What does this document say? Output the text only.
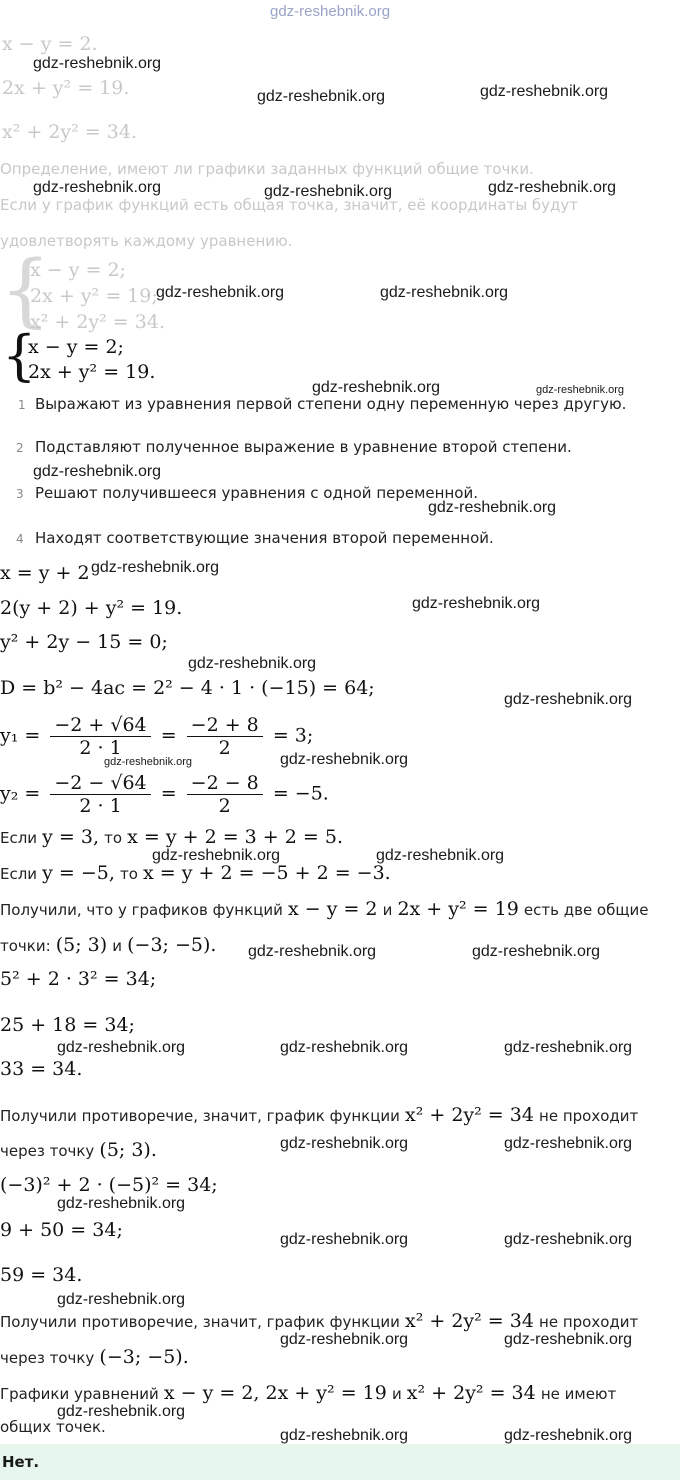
gdz-reshebnik.org
x − y = 2.
2x + y² = 19.
x² + 2y² = 34.
Определение, имеют ли графики заданных функций общие точки.
Если у график функций есть общая точка, значит, её координаты будут
удовлетворять каждому уравнению.
{
x − y = 2;
2x + y² = 19;
x² + 2y² = 34.
{
x − y = 2;
2x + y² = 19.
1 Выражают из уравнения первой степени одну переменную через другую.
2 Подставляют полученное выражение в уравнение второй степени.
3 Решают получившееся уравнения с одной переменной.
4 Находят соответствующие значения второй переменной.
x = y + 2
2(y + 2) + y² = 19.
y² + 2y − 15 = 0;
D = b² − 4ac = 2² − 4 · 1 · (−15) = 64;
$y_1 = \frac{-2 + √64}{2 \cdot 1} = \frac{-2 + 8}{2} = 3$;
$y_2 = \frac{-2 - √64}{2 \cdot 1} = \frac{-2 - 8}{2} = -5$.
Если y = 3, то x = y + 2 = 3 + 2 = 5.
Если y = −5, то x = y + 2 = −5 + 2 = −3.
Получили, что у графиков функций x − y = 2 и 2x + y² = 19 есть две общие
точки: (5; 3) и (−3; −5).
5² + 2 · 3² = 34;
25 + 18 = 34;
33 = 34.
Получили противоречие, значит, график функции x² + 2y² = 34 не проходит
через точку (5; 3).
(−3)² + 2 · (−5)² = 34;
9 + 50 = 34;
59 = 34.
Получили противоречие, значит, график функции x² + 2y² = 34 не проходит
через точку (−3; −5).
Графики уравнений x − y = 2, 2x + y² = 19 и x² + 2y² = 34 не имеют
общих точек.
Нет.
gdz-reshebnik.org
gdz-reshebnik.org	gdz-reshebnik.org
gdz-reshebnik.org	gdz-reshebnik.org	gdz-reshebnik.org
gdz-reshebnik.org	gdz-reshebnik.org
gdz-reshebnik.org	gdz-reshebnik.org
gdz-reshebnik.org
gdz-reshebnik.org
gdz-reshebnik.org
gdz-reshebnik.org
gdz-reshebnik.org
gdz-reshebnik.org
gdz-reshebnik.org	gdz-reshebnik.org
gdz-reshebnik.org	gdz-reshebnik.org
gdz-reshebnik.org	gdz-reshebnik.org
gdz-reshebnik.org	gdz-reshebnik.org	gdz-reshebnik.org
gdz-reshebnik.org	gdz-reshebnik.org
gdz-reshebnik.org
gdz-reshebnik.org	gdz-reshebnik.org
gdz-reshebnik.org
gdz-reshebnik.org	gdz-reshebnik.org
gdz-reshebnik.org
gdz-reshebnik.org	gdz-reshebnik.org
